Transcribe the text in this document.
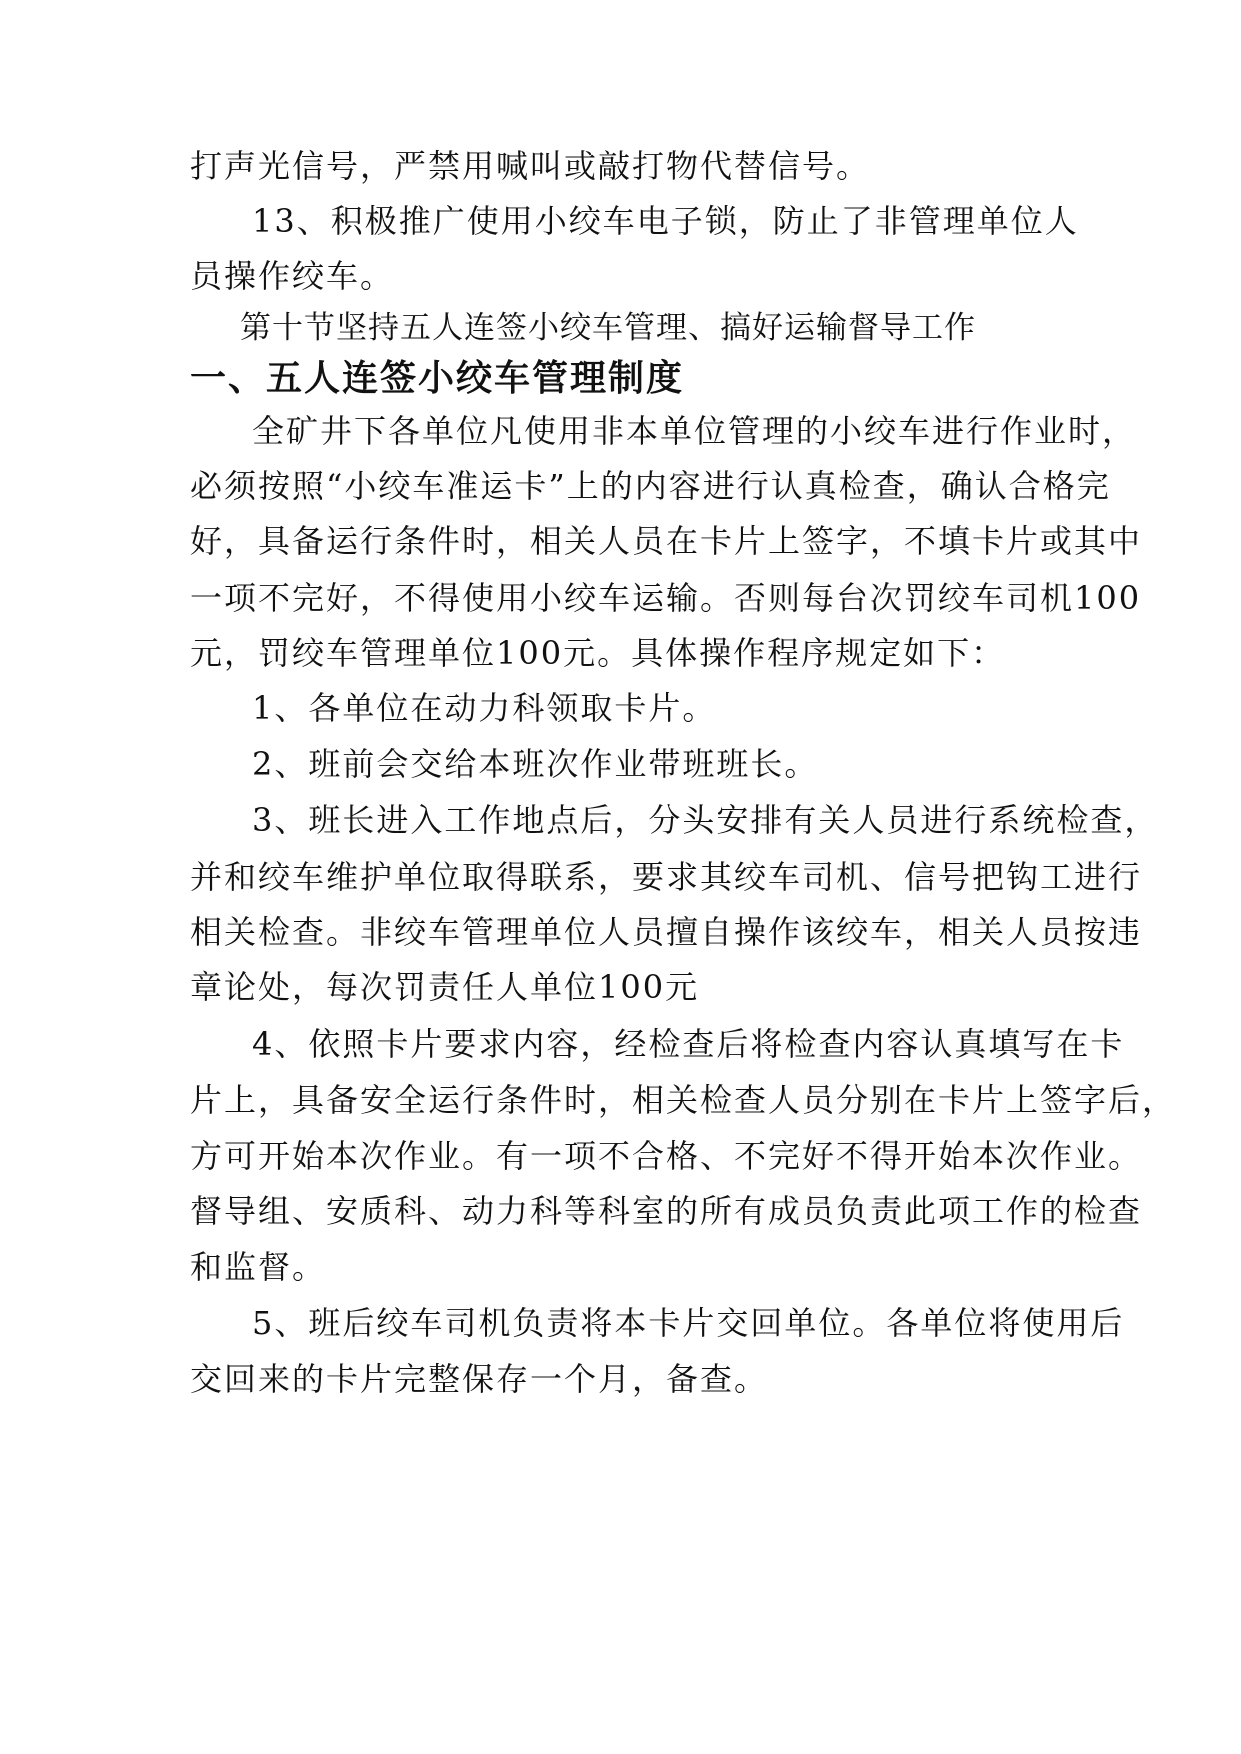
打声光信号，严禁用喊叫或敲打物代替信号。
13、积极推广使用小绞车电子锁，防止了非管理单位人
员操作绞车。
第十节坚持五人连签小绞车管理、搞好运输督导工作
一、五人连签小绞车管理制度
全矿井下各单位凡使用非本单位管理的小绞车进行作业时，
必须按照“小绞车准运卡”上的内容进行认真检查，确认合格完
好，具备运行条件时，相关人员在卡片上签字，不填卡片或其中
一项不完好，不得使用小绞车运输。否则每台次罚绞车司机100
元，罚绞车管理单位100元。具体操作程序规定如下：
1、各单位在动力科领取卡片。
2、班前会交给本班次作业带班班长。
3、班长进入工作地点后，分头安排有关人员进行系统检查，
并和绞车维护单位取得联系，要求其绞车司机、信号把钩工进行
相关检查。非绞车管理单位人员擅自操作该绞车，相关人员按违
章论处，每次罚责任人单位100元
4、依照卡片要求内容，经检查后将检查内容认真填写在卡
片上，具备安全运行条件时，相关检查人员分别在卡片上签字后，
方可开始本次作业。有一项不合格、不完好不得开始本次作业。
督导组、安质科、动力科等科室的所有成员负责此项工作的检查
和监督。
5、班后绞车司机负责将本卡片交回单位。各单位将使用后
交回来的卡片完整保存一个月，备查。
